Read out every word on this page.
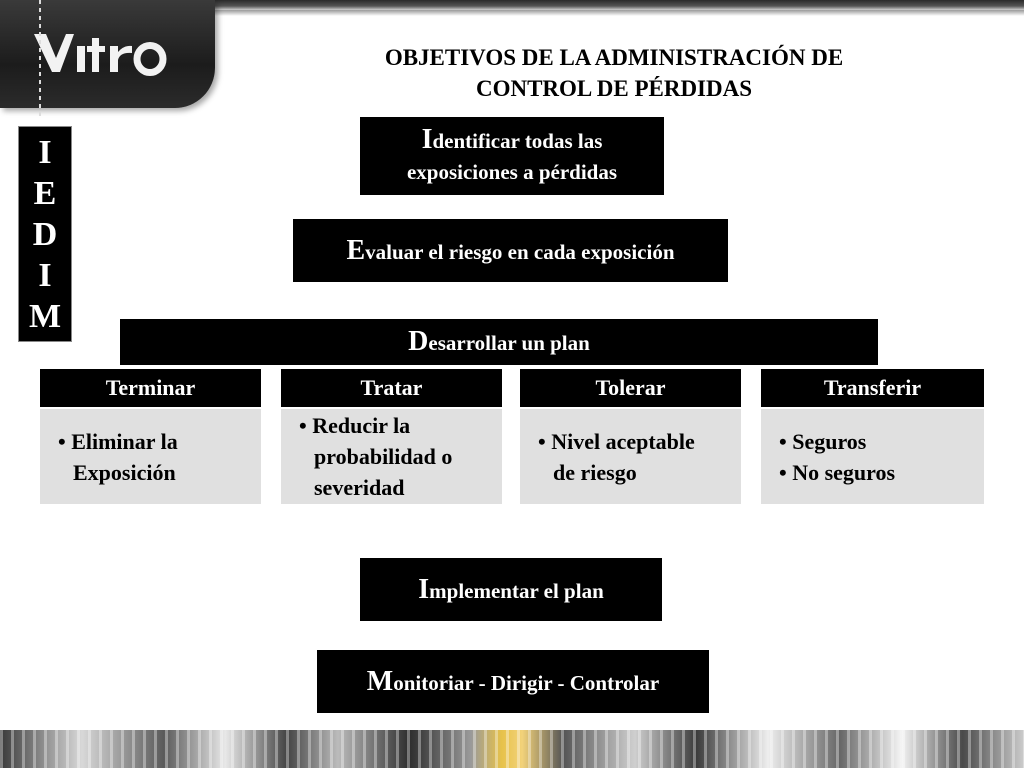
OBJETIVOS DE LA ADMINISTRACIÓN DE CONTROL DE PÉRDIDAS
I
E
D
I
M
Identificar todas las exposiciones a pérdidas
Evaluar el riesgo en cada exposición
Desarrollar un plan
Terminar
• Eliminar la Exposición
Tratar
• Reducir la probabilidad o severidad
Tolerar
• Nivel aceptable de riesgo
Transferir
• Seguros
• No seguros
Implementar el plan
Monitoriar - Dirigir - Controlar
